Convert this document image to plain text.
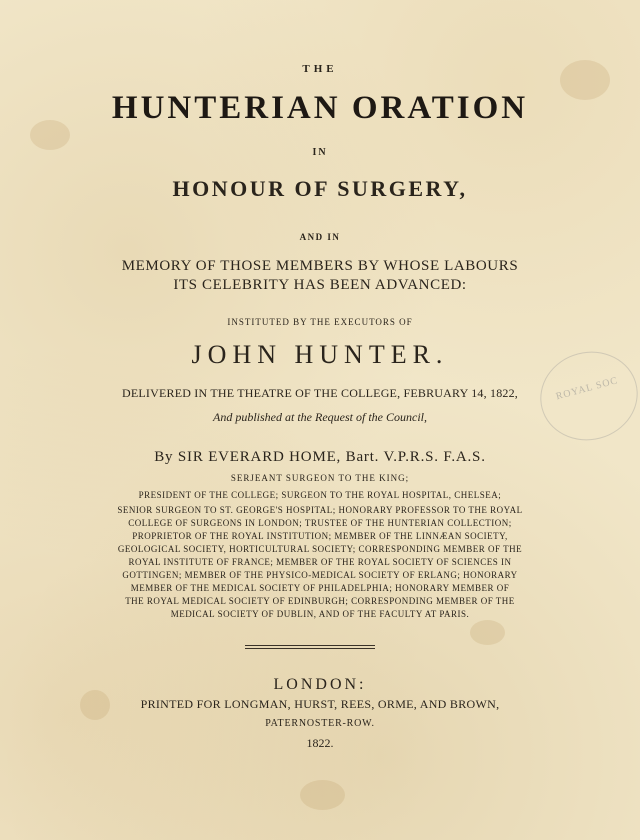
THE
HUNTERIAN ORATION
IN
HONOUR OF SURGERY,
AND IN
MEMORY OF THOSE MEMBERS BY WHOSE LABOURS
ITS CELEBRITY HAS BEEN ADVANCED:
INSTITUTED BY THE EXECUTORS OF
JOHN HUNTER.
DELIVERED IN THE THEATRE OF THE COLLEGE, FEBRUARY 14, 1822,
And published at the Request of the Council,
By SIR EVERARD HOME, Bart. V.P.R.S. F.A.S.
SERJEANT SURGEON TO THE KING;
PRESIDENT OF THE COLLEGE; SURGEON TO THE ROYAL HOSPITAL, CHELSEA;
SENIOR SURGEON TO ST. GEORGE'S HOSPITAL; HONORARY PROFESSOR TO THE ROYAL
COLLEGE OF SURGEONS IN LONDON; TRUSTEE OF THE HUNTERIAN COLLECTION;
PROPRIETOR OF THE ROYAL INSTITUTION; MEMBER OF THE LINNÆAN SOCIETY,
GEOLOGICAL SOCIETY, HORTICULTURAL SOCIETY; CORRESPONDING MEMBER OF THE
ROYAL INSTITUTE OF FRANCE; MEMBER OF THE ROYAL SOCIETY OF SCIENCES IN
GOTTINGEN; MEMBER OF THE PHYSICO-MEDICAL SOCIETY OF ERLANG; HONORARY
MEMBER OF THE MEDICAL SOCIETY OF PHILADELPHIA; HONORARY MEMBER OF
THE ROYAL MEDICAL SOCIETY OF EDINBURGH; CORRESPONDING MEMBER OF THE
MEDICAL SOCIETY OF DUBLIN, AND OF THE FACULTY AT PARIS.
LONDON:
PRINTED FOR LONGMAN, HURST, REES, ORME, AND BROWN,
PATERNOSTER-ROW.
1822.
ROYAL SOC
